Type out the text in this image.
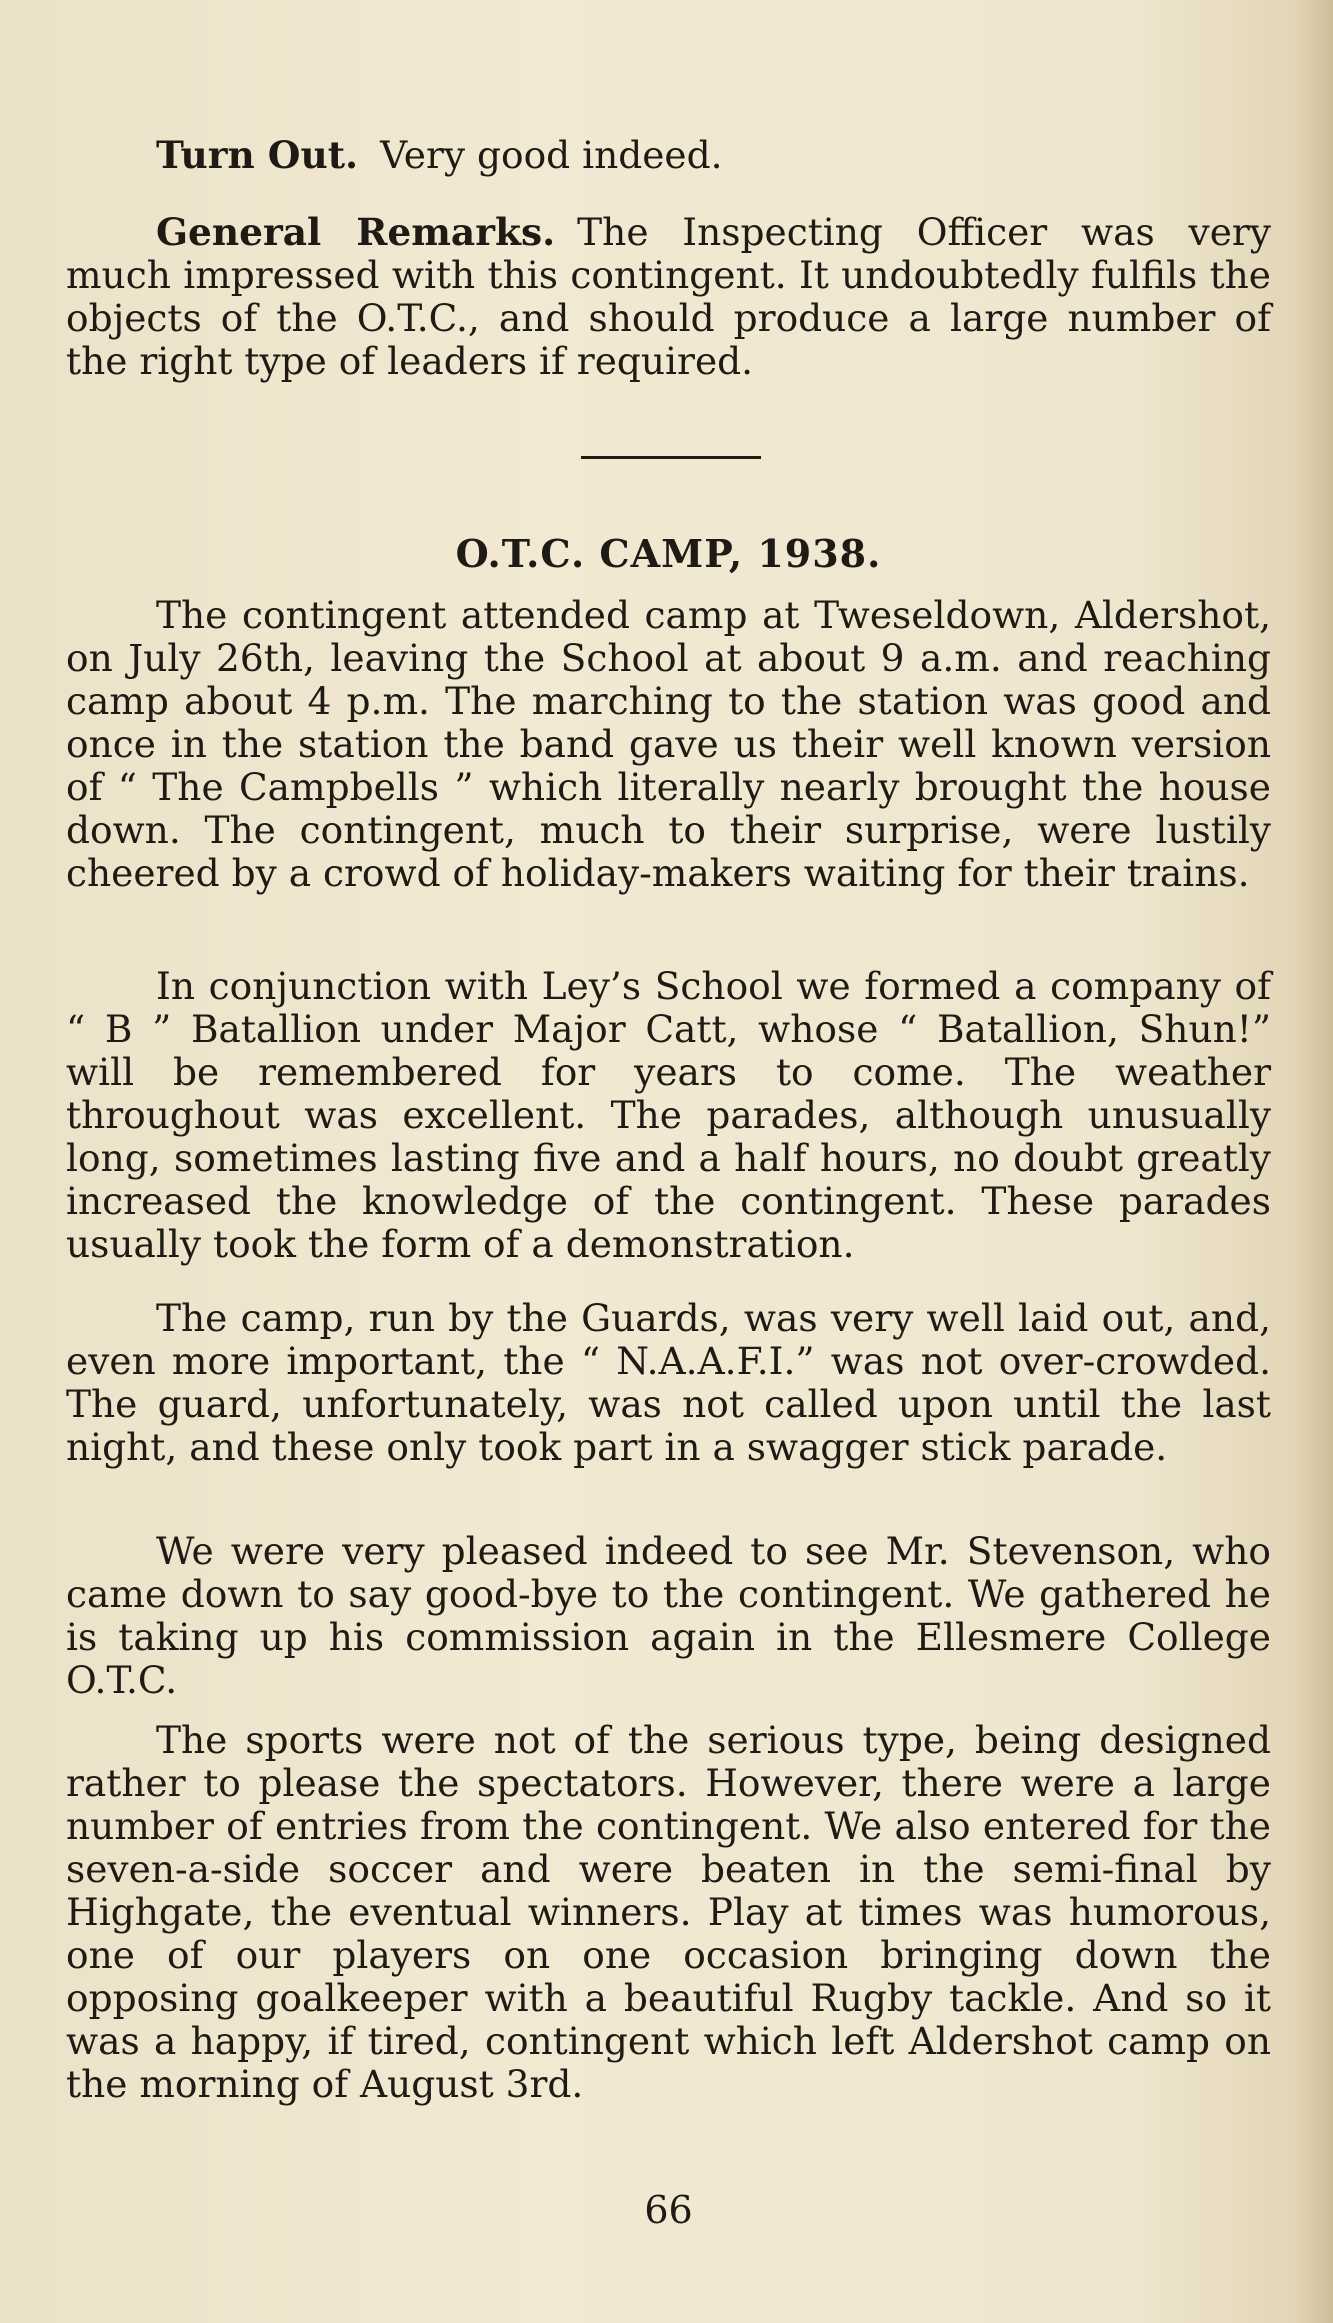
Turn Out. Very good indeed.

General Remarks. The Inspecting Officer was very much impressed with this contingent. It undoubtedly fulfils the objects of the O.T.C., and should produce a large number of the right type of leaders if required.

O.T.C. CAMP, 1938.

The contingent attended camp at Tweseldown, Aldershot, on July 26th, leaving the School at about 9 a.m. and reaching camp about 4 p.m. The marching to the station was good and once in the station the band gave us their well known version of “ The Campbells ” which literally nearly brought the house down. The contingent, much to their surprise, were lustily cheered by a crowd of holiday-makers waiting for their trains.

In conjunction with Ley’s School we formed a company of “ B ” Batallion under Major Catt, whose “ Batallion, Shun!” will be remembered for years to come. The weather throughout was excellent. The parades, although unusually long, sometimes lasting five and a half hours, no doubt greatly increased the knowledge of the contingent. These parades usually took the form of a demonstration.

The camp, run by the Guards, was very well laid out, and, even more important, the “ N.A.A.F.I.” was not over-crowded. The guard, unfortunately, was not called upon until the last night, and these only took part in a swagger stick parade.

We were very pleased indeed to see Mr. Stevenson, who came down to say good-bye to the contingent. We gathered he is taking up his commission again in the Ellesmere College O.T.C.

The sports were not of the serious type, being designed rather to please the spectators. However, there were a large number of entries from the contingent. We also entered for the seven-a-side soccer and were beaten in the semi-final by Highgate, the eventual winners. Play at times was humorous, one of our players on one occasion bringing down the opposing goalkeeper with a beautiful Rugby tackle. And so it was a happy, if tired, contingent which left Aldershot camp on the morning of August 3rd.

66
